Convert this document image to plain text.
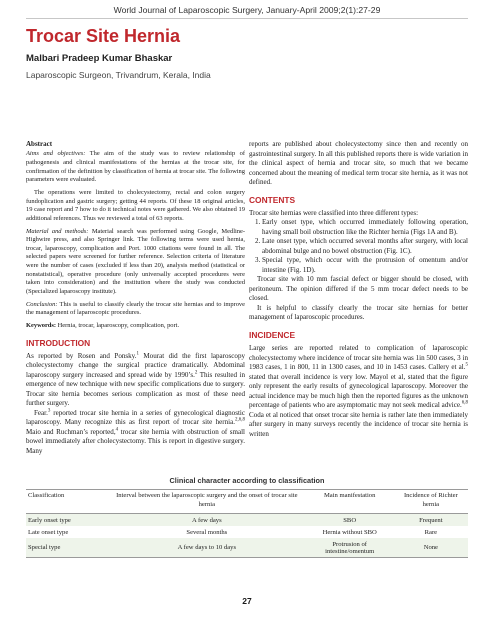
World Journal of Laparoscopic Surgery, January-April 2009;2(1):27-29
Trocar Site Hernia
Malbari Pradeep Kumar Bhaskar
Laparoscopic Surgeon, Trivandrum, Kerala, India

Abstract

Aims and objectives: The aim of the study was to review relationship of pathogenesis and clinical manifestations of the hernias at the trocar site, for confirmation of the definition by classification of hernia at trocar site. The following parameters were evaluated.

The operations were limited to cholecystectomy, rectal and colon surgery fundoplication and gastric surgery; getting 44 reports. Of these 18 original articles, 19 case report and 7 how to do it technical notes were gathered. We also obtained 19 additional references. Thus we reviewed a total of 63 reports.

Material and methods: Material search was performed using Google, Medline-Highwire press, and also Springer link. The following terms were used hernia, trocar, laparoscopy, complication and Port. 1000 citations were found in all. The selected papers were screened for further reference. Selection criteria of literature were the number of cases (excluded if less than 20), analysis method (statistical or nonstatistical), operative procedure (only universally accepted procedures were taken into consideration) and the institution where the study was conducted (Specialized laparoscopy institute).

Conclusion: This is useful to classify clearly the trocar site hernias and to improve the management of laparoscopic procedures.

Keywords: Hernia, trocar, laparoscopy, complication, port.

INTRODUCTION

As reported by Rosen and Ponsky.$^1$ Mourat did the first laparoscopy cholecystectomy change the surgical practice dramatically. Abdominal laparoscopy surgery increased and spread wide by 1990’s.$^2$ This resulted in emergence of new technique with new specific complications due to surgery. Trocar site hernia becomes serious complication as most of these need further surgery.

Fear.$^3$ reported trocar site hernia in a series of gynecological diagnostic laparoscopy. Many recognize this as first report of trocar site hernia.$^{2,6,8}$ Maio and Ruchman’s reported,$^4$ trocar site hernia with obstruction of small bowel immediately after cholecystectomy. This is report in digestive surgery. Many

reports are published about cholecystectomy since then and recently on gastrointestinal surgery. In all this published reports there is wide variation in the clinical aspect of hernia and trocar site, so much that we became concerned about the meaning of medical term trocar site hernia, as it was not defined.

CONTENTS

Trocar site hernias were classified into three different types:

1. Early onset type, which occurred immediately following operation, having small boil obstruction like the Richter hernia (Figs 1A and B).
2. Late onset type, which occurred several months after surgery, with local abdominal bulge and no bowel obstruction (Fig. 1C).
3. Special type, which occur with the protrusion of omentum and/or intestine (Fig. 1D).

Trocar site with 10 mm fascial defect or bigger should be closed, with peritoneum. The opinion differed if the 5 mm trocar defect needs to be closed.

It is helpful to classify clearly the trocar site hernias for better management of laparoscopic procedures.

INCIDENCE

Large series are reported related to complication of laparoscopic cholecystectomy where incidence of trocar site hernia was 1in 500 cases, 3 in 1983 cases, 1 in 800, 11 in 1300 cases, and 10 in 1453 cases. Callery et al.$^5$ stated that overall incidence is very low. Mayol et al, stated that the figure only represent the early results of gynecological laparoscopy. Moreover the actual incidence may be much high then the reported figures as the unknown percentage of patients who are asymptomatic may not seek medical advice.$^{6,8}$ Coda et al noticed that onset trocar site hernia is rather late then immediately after surgery in many surveys recently the incidence of trocar site hernia is written

Clinical character according to classification
Classification	Interval between the laparoscopic surgery and the onset of trocar site hernia	Main manifestation	Incidence of Richter hernia
Early onset type	A few days	SBO	Frequent
Late onset type	Several months	Hernia without SBO	Rare
Special type	A few days to 10 days	Protrusion of intestine/omentum	None
27
